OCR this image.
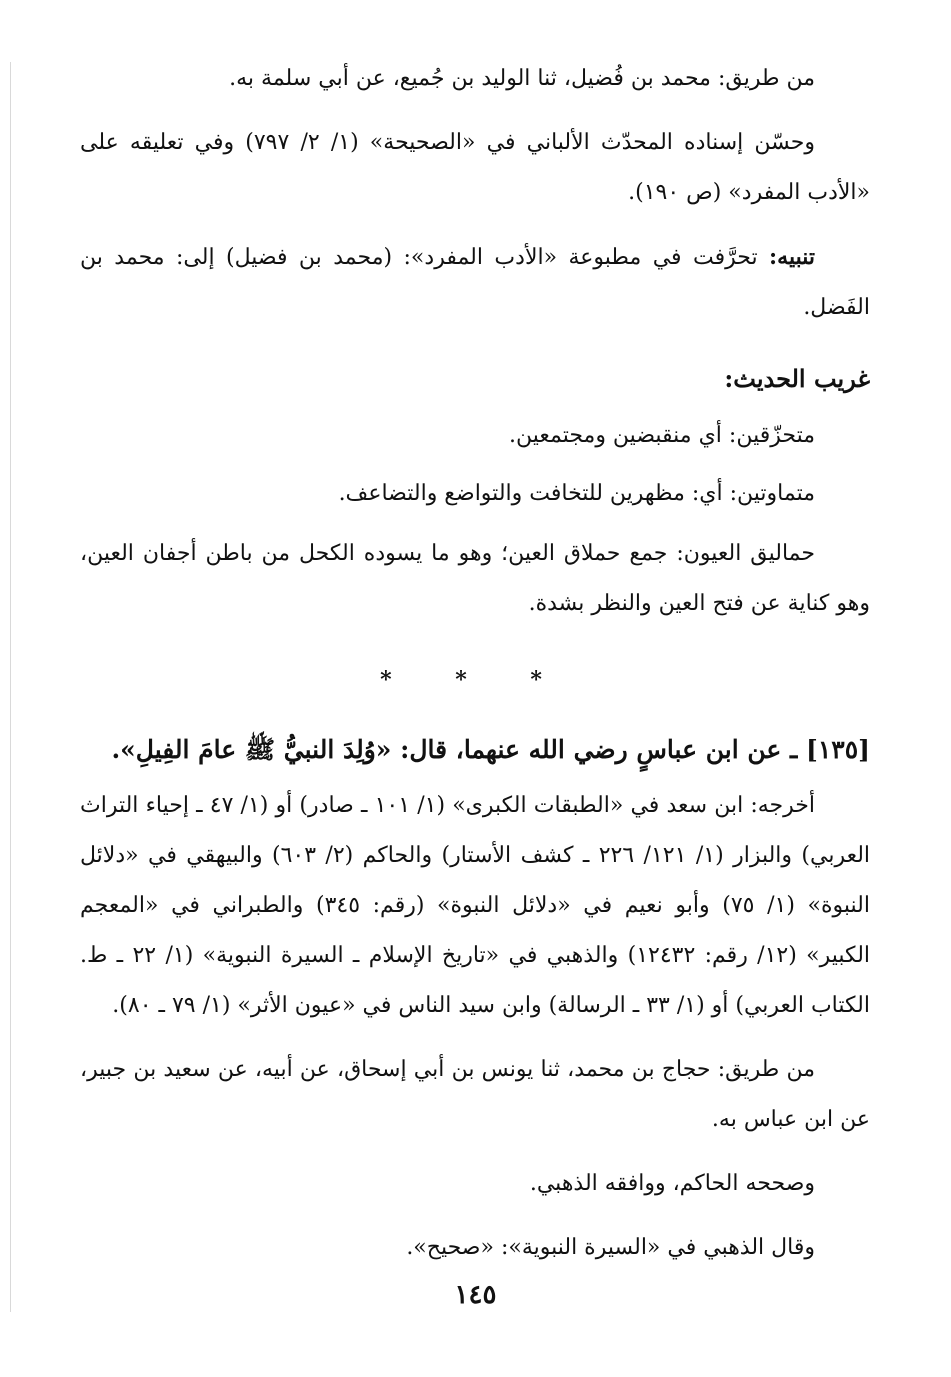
من طريق: محمد بن فُضيل، ثنا الوليد بن جُميع، عن أبي سلمة به.

وحسّن إسناده المحدّث الألباني في «الصحيحة» (١/ ٢/ ٧٩٧) وفي تعليقه على «الأدب المفرد» (ص ١٩٠).

تنبيه: تحرَّفت في مطبوعة «الأدب المفرد»: (محمد بن فضيل) إلى: محمد بن الفَضل.

غريب الحديث:

متحزّقين: أي منقبضين ومجتمعين.

متماوتين: أي: مظهرين للتخافت والتواضع والتضاعف.

حماليق العيون: جمع حملاق العين؛ وهو ما يسوده الكحل من باطن أجفان العين، وهو كناية عن فتح العين والنظر بشدة.

* * *

[١٣٥] ـ عن ابن عباسٍ رضي الله عنهما، قال: «وُلِدَ النبيُّ ﷺ عامَ الفِيلِ».

أخرجه: ابن سعد في «الطبقات الكبرى» (١/ ١٠١ ـ صادر) أو (١/ ٤٧ ـ إحياء التراث العربي) والبزار (١/ ١٢١/ ٢٢٦ ـ كشف الأستار) والحاكم (٢/ ٦٠٣) والبيهقي في «دلائل النبوة» (١/ ٧٥) وأبو نعيم في «دلائل النبوة» (رقم: ٣٤٥) والطبراني في «المعجم الكبير» (١٢/ رقم: ١٢٤٣٢) والذهبي في «تاريخ الإسلام ـ السيرة النبوية» (١/ ٢٢ ـ ط. الكتاب العربي) أو (١/ ٣٣ ـ الرسالة) وابن سيد الناس في «عيون الأثر» (١/ ٧٩ ـ ٨٠).

من طريق: حجاج بن محمد، ثنا يونس بن أبي إسحاق، عن أبيه، عن سعيد بن جبير، عن ابن عباس به.

وصححه الحاكم، ووافقه الذهبي.

وقال الذهبي في «السيرة النبوية»: «صحيح».

١٤٥
